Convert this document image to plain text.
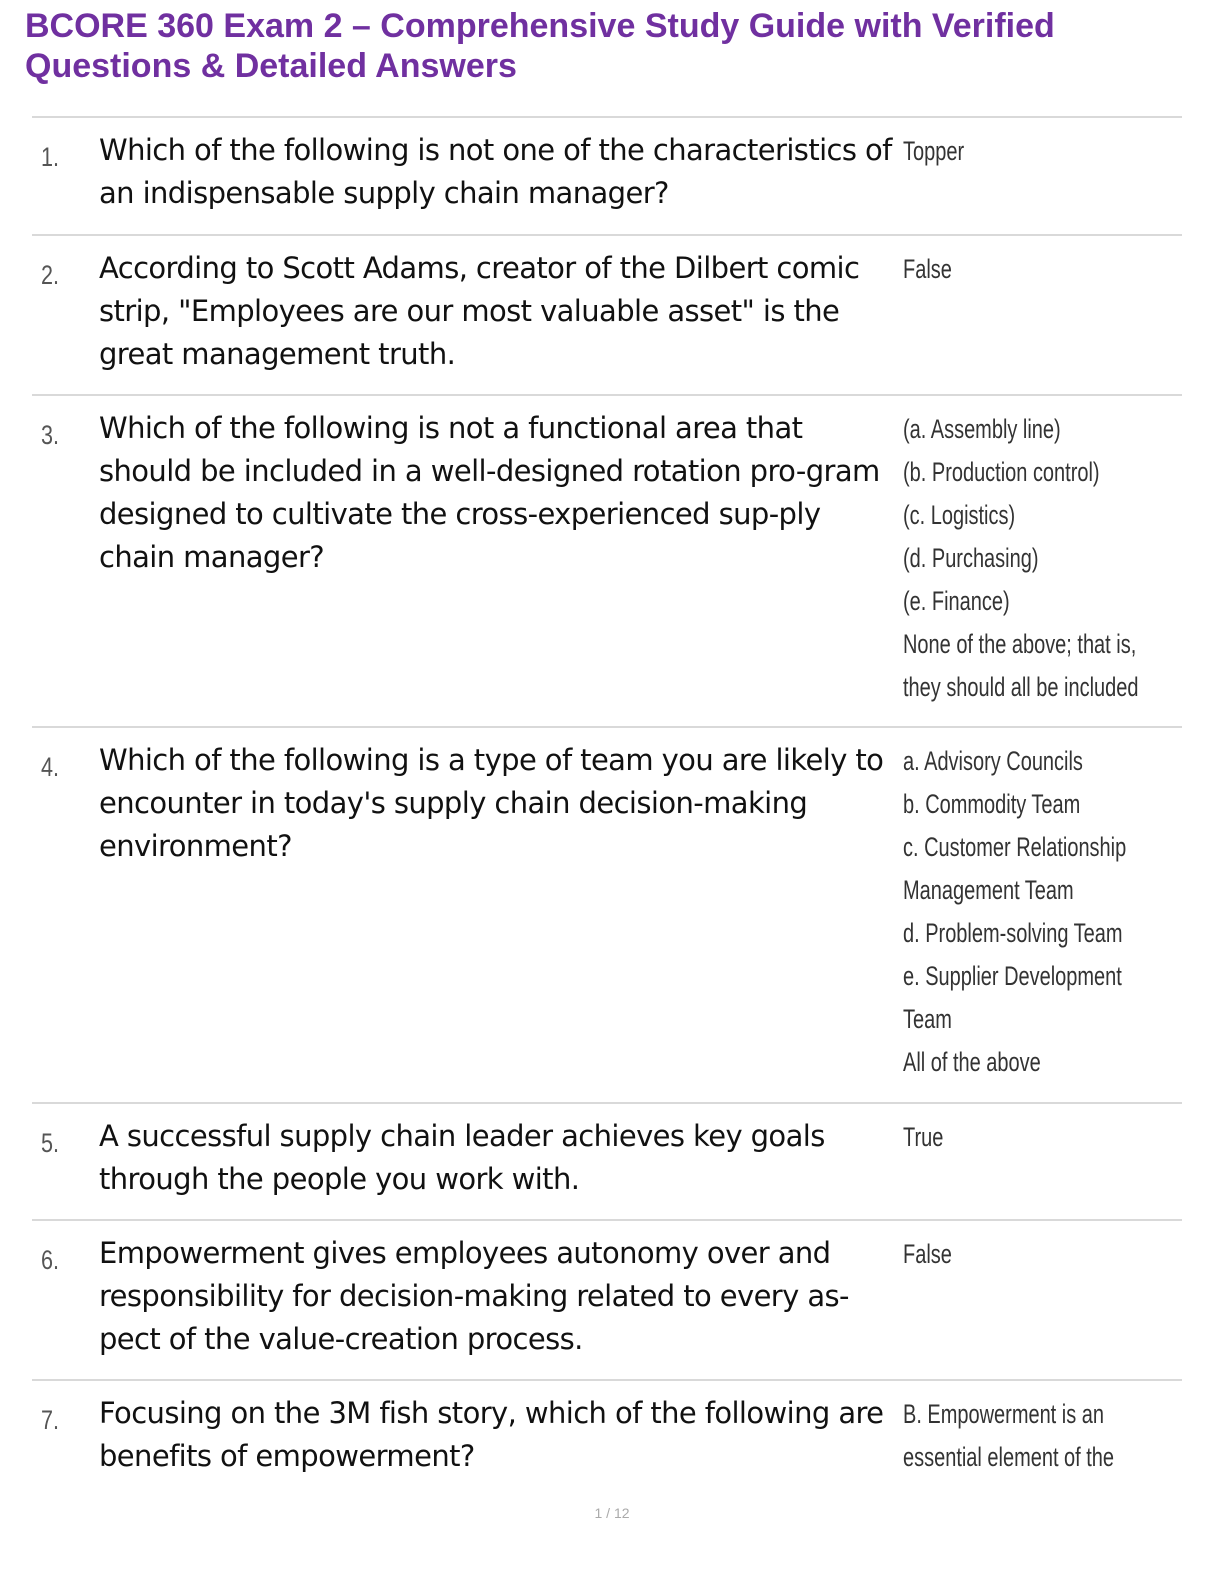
BCORE 360 Exam 2 – Comprehensive Study Guide with Verified Questions & Detailed Answers
1. Which of the following is not one of the characteristics of an indispensable supply chain manager?
Topper
2. According to Scott Adams, creator of the Dilbert comic strip, "Employees are our most valuable asset" is the great management truth.
False
3. Which of the following is not a functional area that should be included in a well-designed rotation pro-gram designed to cultivate the cross-experienced sup-ply chain manager?
(a. Assembly line)
(b. Production control)
(c. Logistics)
(d. Purchasing)
(e. Finance)
None of the above; that is,
they should all be included
4. Which of the following is a type of team you are likely to encounter in today's supply chain decision-making environment?
a. Advisory Councils
b. Commodity Team
c. Customer Relationship
Management Team
d. Problem-solving Team
e. Supplier Development
Team
All of the above
5. A successful supply chain leader achieves key goals through the people you work with.
True
6. Empowerment gives employees autonomy over and responsibility for decision-making related to every as-pect of the value-creation process.
False
7. Focusing on the 3M fish story, which of the following are benefits of empowerment?
B. Empowerment is an
essential element of the
1 / 12
